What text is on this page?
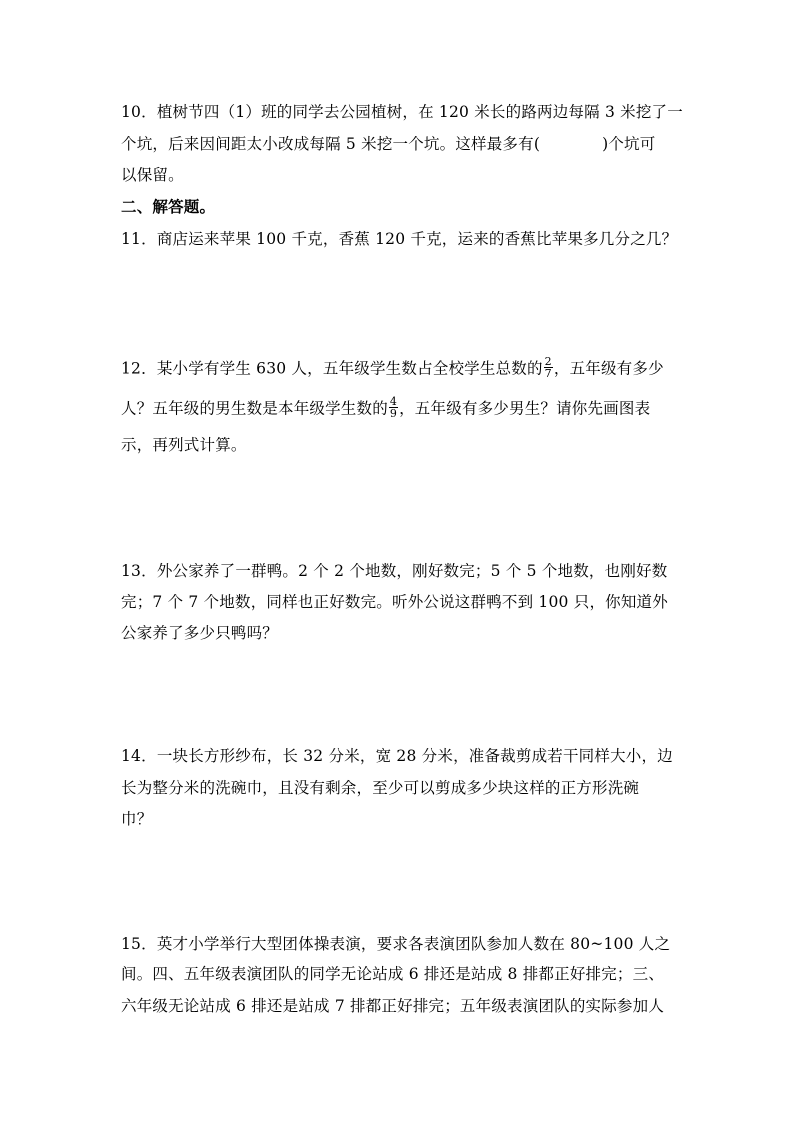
10．植树节四（1）班的同学去公园植树，在 120 米长的路两边每隔 3 米挖了一
个坑，后来因间距太小改成每隔 5 米挖一个坑。这样最多有(	)个坑可
以保留。
二、解答题。
11．商店运来苹果 100 千克，香蕉 120 千克，运来的香蕉比苹果多几分之几？
12．某小学有学生 630 人，五年级学生数占全校学生总数的 $\frac{2}{7}$ ，五年级有多少
人？五年级的男生数是本年级学生数的 $\frac{4}{9}$ ，五年级有多少男生？请你先画图表
示，再列式计算。
13．外公家养了一群鸭。2 个 2 个地数，刚好数完；5 个 5 个地数，也刚好数
完；7 个 7 个地数，同样也正好数完。听外公说这群鸭不到 100 只，你知道外
公家养了多少只鸭吗？
14．一块长方形纱布，长 32 分米，宽 28 分米，准备裁剪成若干同样大小，边
长为整分米的洗碗巾，且没有剩余，至少可以剪成多少块这样的正方形洗碗
巾？
15．英才小学举行大型团体操表演，要求各表演团队参加人数在 80~100 人之
间。四、五年级表演团队的同学无论站成 6 排还是站成 8 排都正好排完；三、
六年级无论站成 6 排还是站成 7 排都正好排完；五年级表演团队的实际参加人
